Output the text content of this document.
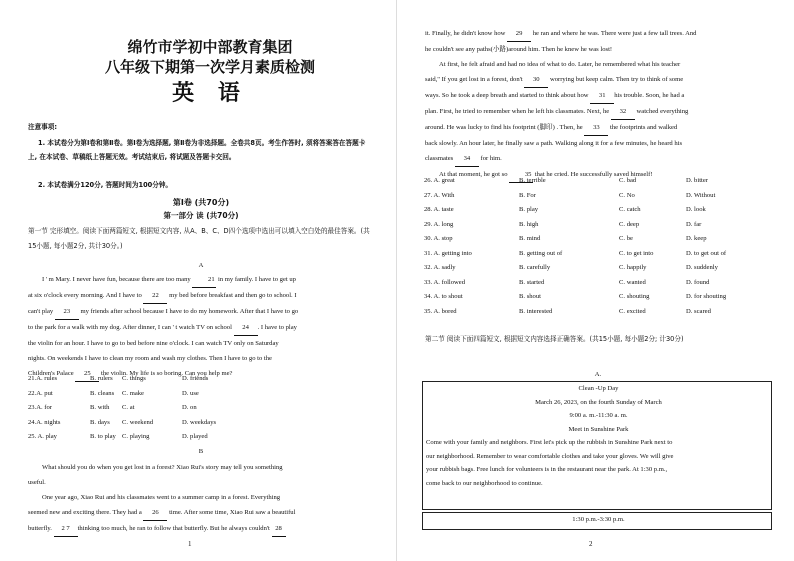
绵竹市学初中部教育集团
八年级下期第一次学月素质检测
英 语
注意事项:
1. 本试卷分为第Ⅰ卷和第Ⅱ卷。第Ⅰ卷为选择题, 第Ⅱ卷为非选择题。全卷共8页。考生作答时, 须将答案答在答题卡上, 在本试卷、草稿纸上答题无效。考试结束后, 将试题及答题卡交回。
2. 本试卷满分120分, 答题时间为100分钟。
第Ⅰ卷 (共70分)
第一部分 读 (共70分)
第一节 完形填空。阅读下面两篇短文, 根据短文内容, 从A、B、C、D四个选项中选出可以填入空白处的最佳答案。(共15小题, 每小题2分, 共计30分。)
A
I ' m Mary. I never have fun, because there are too many 21 in my family. I have to get up
at six o'clock every morning. And I have to 22 my bed before breakfast and then go to school. I
can't play 23 my friends after school because I have to do my homework. After that I have to go
to the park for a walk with my dog. After dinner, I can ' t watch TV on school 24 . I have to play
the violin for an hour. I have to go to bed before nine o'clock. I can watch TV only on Saturday
nights. On weekends I have to clean my room and wash my clothes. Then I have to go to the
Children's Palace 25 the violin. My life is so boring. Can you help me?
21.A. rules	B. rulers C. things	D. friends
22.A. put	B. cleans C. make	D. use
23.A. for	B. with C. at	D. on
24.A. nights	B. days C. weekend	D. weekdays
25. A. play	B. to play C. playing	D. played
B
What should you do when you get lost in a forest? Xiao Rui's story may tell you something
useful.
One year ago, Xiao Rui and his classmates went to a summer camp in a forest. Everything
seemed new and exciting there. They had a 26 time. After some time, Xiao Rui saw a beautiful
butterfly. 2 7 thinking too much, he ran to follow that butterfly. But he always couldn't 28
1
it. Finally, he didn't know how 29 he ran and where he was. There were just a few tall trees. And
he couldn't see any paths(小路)around him. Then he knew he was lost!
At first, he felt afraid and had no idea of what to do. Later, he remembered what his teacher
said," If you get lost in a forest, don't 30 worrying but keep calm. Then try to think of some
ways. So he took a deep breath and started to think about how 31 his trouble. Soon, he had a
plan. First, he tried to remember when he left his classmates. Next, he 32 watched everything
around. He was lucky to find his footprint (脚印) . Then, he 33 the footprints and walked
back slowly. An hour later, he finally saw a path. Walking along it for a few minutes, he heard his
classmates 34 for him.
At that moment, he got so 35 that he cried. He successfully saved himself!
26. A. great	B. terrible	C. bad	D. bitter
27. A. With	B. For	C. No	D. Without
28. A. taste	B. play	C. catch	D. look
29. A. long	B. high	C. deep	D. far
30. A. stop	B. mind	C. be	D. keep
31. A. getting into	B. getting out of	C. to get into	D. to get out of
32. A. sadly	B. carefully	C. happily	D. suddenly
33. A. followed	B. started	C. wanted	D. found
34. A. to shout	B. shout	C. shouting	D. for shouting
35. A. bored	B. interested	C. excited	D. scared
第二节 阅读下面四篇短文, 根据短文内容选择正确答案。(共15小题, 每小题2分; 计30分)
A.
Clean -Up Day
March 26, 2023, on the fourth Sunday of March
9:00 a. m.-11:30 a. m.
Meet in Sunshine Park
Come with your family and neighbors. First let's pick up the rubbish in Sunshine Park next to
our neighborhood. Remember to wear comfortable clothes and take your gloves. We will give
your rubbish bags. Free lunch for volunteers is in the restaurant near the park. At 1:30 p.m.,
come back to our neighborhood to continue.
1:30 p.m.-3:30 p.m.
2
